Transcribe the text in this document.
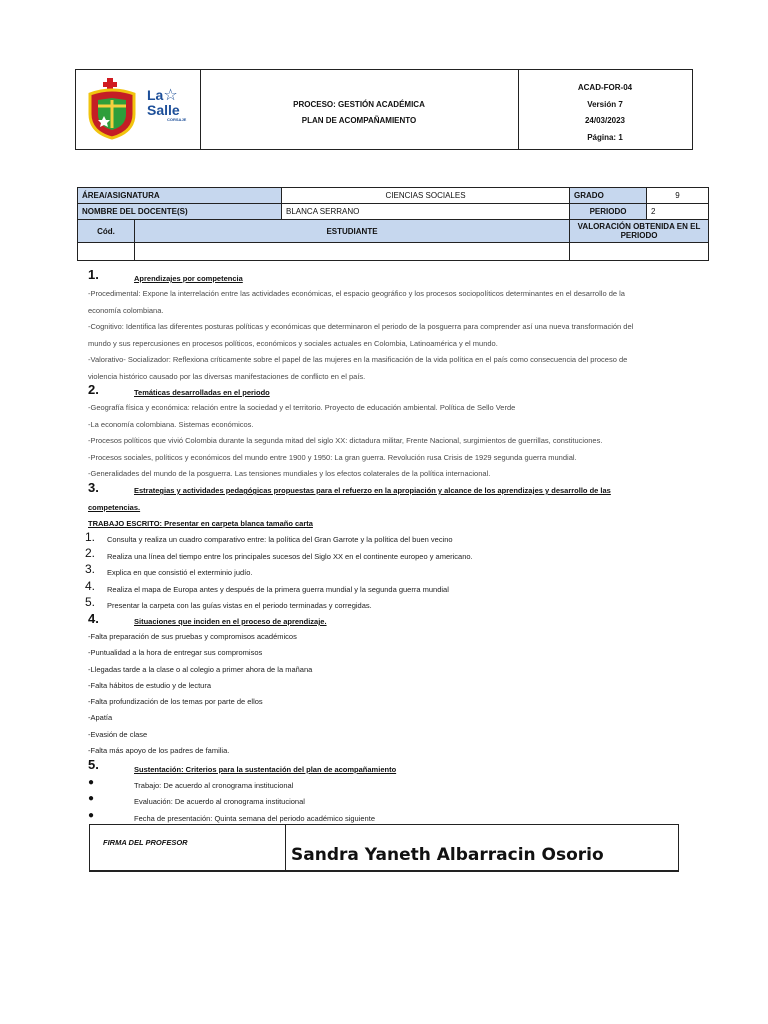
La☆
Salle
CORSAJE
PROCESO: GESTIÓN ACADÉMICA
PLAN DE ACOMPAÑAMIENTO
ACAD-FOR-04
Versión 7
24/03/2023
Página: 1
ÁREA/ASIGNATURA		CIENCIAS SOCIALES	GRADO	9
NOMBRE DEL DOCENTE(S)		BLANCA SERRANO	PERIODO	2
Cód.	ESTUDIANTE		VALORACIÓN OBTENIDA EN EL PERIODO	

1.	Aprendizajes por competencia
-Procedimental: Expone la interrelación entre las actividades económicas, el espacio geográfico y los procesos sociopolíticos determinantes en el desarrollo de la
economía colombiana.
-Cognitivo: Identifica las diferentes posturas políticas y económicas que determinaron el periodo de la posguerra para comprender así una nueva transformación del
mundo y sus repercusiones en procesos políticos, económicos y sociales actuales en Colombia, Latinoamérica y el mundo.
-Valorativo- Socializador: Reflexiona críticamente sobre el papel de las mujeres en la masificación de la vida política en el país como consecuencia del proceso de
violencia histórico causado por las diversas manifestaciones de conflicto en el país.
2.	Temáticas desarrolladas en el periodo
-Geografía física y económica: relación entre la sociedad y el territorio. Proyecto de educación ambiental. Política de Sello Verde
-La economía colombiana. Sistemas económicos.
-Procesos políticos que vivió Colombia durante la segunda mitad del siglo XX: dictadura militar, Frente Nacional, surgimientos de guerrillas, constituciones.
-Procesos sociales, políticos y económicos del mundo entre 1900 y 1950: La gran guerra. Revolución rusa Crisis de 1929 segunda guerra mundial.
-Generalidades del mundo de la posguerra. Las tensiones mundiales y los efectos colaterales de la política internacional.
3.	Estrategias y actividades pedagógicas propuestas para el refuerzo en la apropiación y alcance de los aprendizajes y desarrollo de las
competencias.
TRABAJO ESCRITO: Presentar en carpeta blanca tamaño carta
1. Consulta y realiza un cuadro comparativo entre: la política del Gran Garrote y la política del buen vecino
2. Realiza una línea del tiempo entre los principales sucesos del Siglo XX en el continente europeo y americano.
3. Explica en que consistió el exterminio judío.
4. Realiza el mapa de Europa antes y después de la primera guerra mundial y la segunda guerra mundial
5. Presentar la carpeta con las guías vistas en el periodo terminadas y corregidas.
4.	Situaciones que inciden en el proceso de aprendizaje.
-Falta preparación de sus pruebas y compromisos académicos
-Puntualidad a la hora de entregar sus compromisos
-Llegadas tarde a la clase o al colegio a primer ahora de la mañana
-Falta hábitos de estudio y de lectura
-Falta profundización de los temas por parte de ellos
-Apatía
-Evasión de clase
-Falta más apoyo de los padres de familia.
5.	Sustentación: Criterios para la sustentación del plan de acompañamiento
●	Trabajo: De acuerdo al cronograma institucional
●	Evaluación: De acuerdo al cronograma institucional
●	Fecha de presentación: Quinta semana del periodo académico siguiente
FIRMA DEL PROFESOR
Sandra Yaneth Albarracin Osorio
